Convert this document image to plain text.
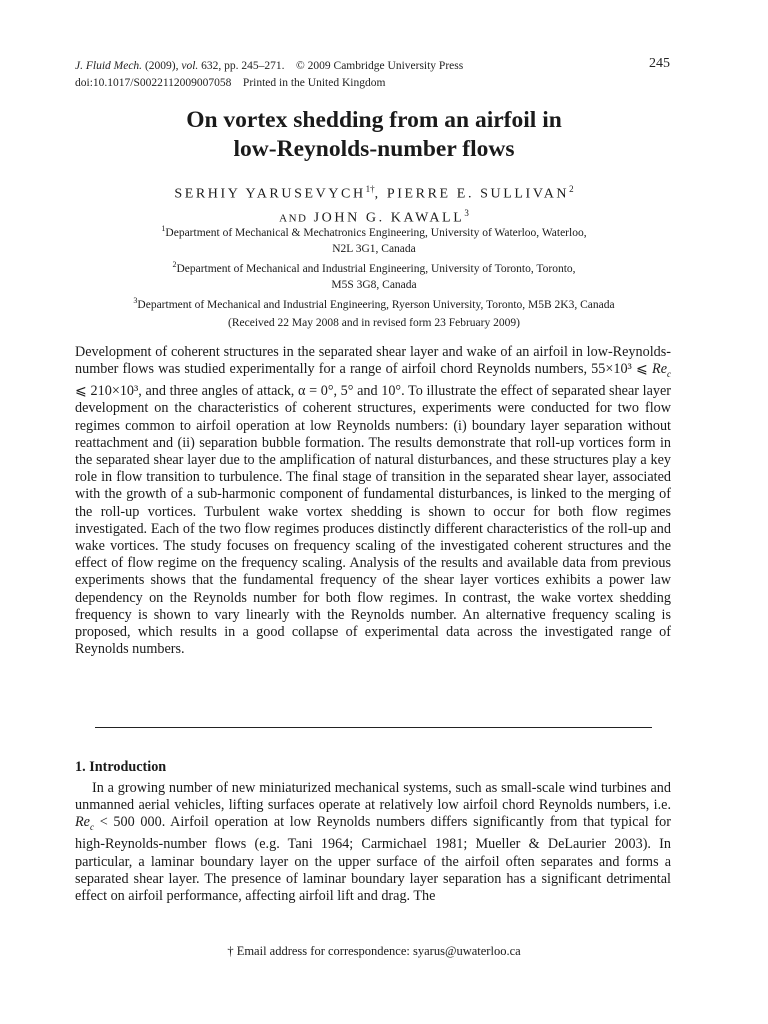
J. Fluid Mech. (2009), vol. 632, pp. 245–271. © 2009 Cambridge University Press
doi:10.1017/S0022112009007058    Printed in the United Kingdom
245
On vortex shedding from an airfoil in
low-Reynolds-number flows
SERHIY $YARUSEVYCH^{1\dagger}$, PIERRE E. SULLIVAN$^2$
AND JOHN G. KAWALL$^3$
$^1$Department of Mechanical & Mechatronics Engineering, University of Waterloo, Waterloo,
N2L 3G1, Canada
$^2$Department of Mechanical and Industrial Engineering, University of Toronto, Toronto,
M5S 3G8, Canada
$^3$Department of Mechanical and Industrial Engineering, Ryerson University, Toronto, M5B 2K3, Canada
(Received 22 May 2008 and in revised form 23 February 2009)
Development of coherent structures in the separated shear layer and wake of an airfoil in low-Reynolds-number flows was studied experimentally for a range of airfoil chord Reynolds numbers, 55×10³ ⩽ $Re_c$ ⩽ 210×10³, and three angles of attack, α = 0°, 5° and 10°. To illustrate the effect of separated shear layer development on the characteristics of coherent structures, experiments were conducted for two flow regimes common to airfoil operation at low Reynolds numbers: (i) boundary layer separation without reattachment and (ii) separation bubble formation. The results demonstrate that roll-up vortices form in the separated shear layer due to the amplification of natural disturbances, and these structures play a key role in flow transition to turbulence. The final stage of transition in the separated shear layer, associated with the growth of a sub-harmonic component of fundamental disturbances, is linked to the merging of the roll-up vortices. Turbulent wake vortex shedding is shown to occur for both flow regimes investigated. Each of the two flow regimes produces distinctly different characteristics of the roll-up and wake vortices. The study focuses on frequency scaling of the investigated coherent structures and the effect of flow regime on the frequency scaling. Analysis of the results and available data from previous experiments shows that the fundamental frequency of the shear layer vortices exhibits a power law dependency on the Reynolds number for both flow regimes. In contrast, the wake vortex shedding frequency is shown to vary linearly with the Reynolds number. An alternative frequency scaling is proposed, which results in a good collapse of experimental data across the investigated range of Reynolds numbers.
1. Introduction
In a growing number of new miniaturized mechanical systems, such as small-scale wind turbines and unmanned aerial vehicles, lifting surfaces operate at relatively low airfoil chord Reynolds numbers, i.e. $Re_c < 500$ 000. Airfoil operation at low Reynolds numbers differs significantly from that typical for high-Reynolds-number flows (e.g. Tani 1964; Carmichael 1981; Mueller & DeLaurier 2003). In particular, a laminar boundary layer on the upper surface of the airfoil often separates and forms a separated shear layer. The presence of laminar boundary layer separation has a significant detrimental effect on airfoil performance, affecting airfoil lift and drag. The
† Email address for correspondence: syarus@uwaterloo.ca
